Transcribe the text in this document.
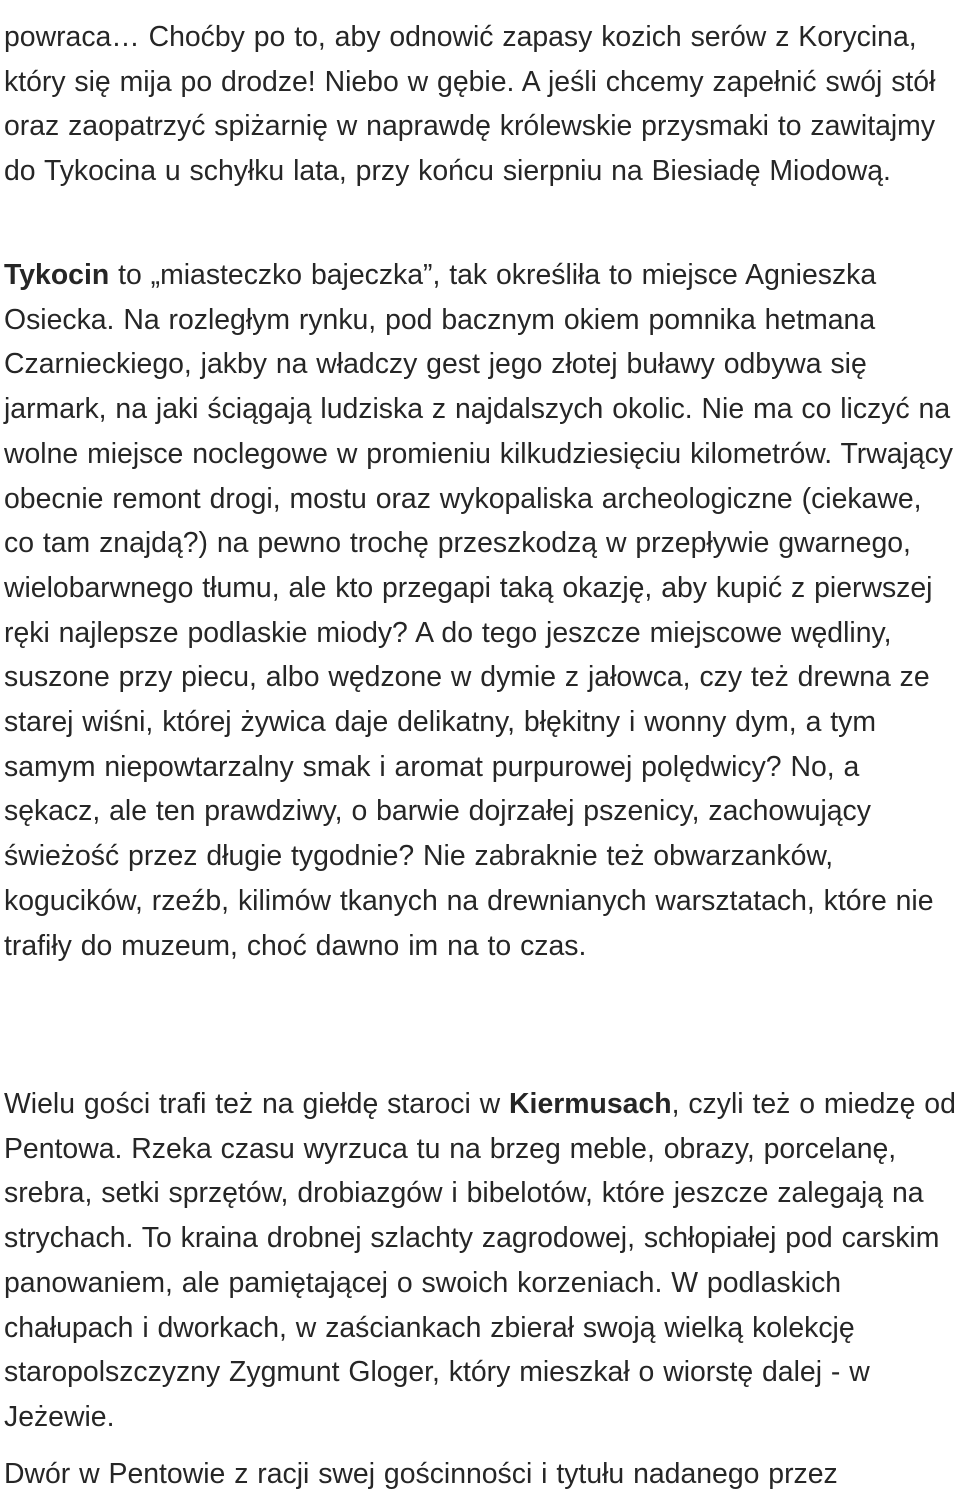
powraca… Choćby po to, aby odnowić zapasy kozich serów z Korycina, który się mija po drodze! Niebo w gębie. A jeśli chcemy zapełnić swój stół oraz zaopatrzyć spiżarnię w naprawdę królewskie przysmaki to zawitajmy do Tykocina u schyłku lata, przy końcu sierpniu na Biesiadę Miodową.

Tykocin to „miasteczko bajeczka”, tak określiła to miejsce Agnieszka Osiecka. Na rozległym rynku, pod bacznym okiem pomnika hetmana Czarnieckiego, jakby na władczy gest jego złotej buławy odbywa się jarmark, na jaki ściągają ludziska z najdalszych okolic. Nie ma co liczyć na wolne miejsce noclegowe w promieniu kilkudziesięciu kilometrów. Trwający obecnie remont drogi, mostu oraz wykopaliska archeologiczne (ciekawe, co tam znajdą?) na pewno trochę przeszkodzą w przepływie gwarnego, wielobarwnego tłumu, ale kto przegapi taką okazję, aby kupić z pierwszej ręki najlepsze podlaskie miody? A do tego jeszcze miejscowe wędliny, suszone przy piecu, albo wędzone w dymie z jałowca, czy też drewna ze starej wiśni, której żywica daje delikatny, błękitny i wonny dym, a tym samym niepowtarzalny smak i aromat purpurowej polędwicy? No, a sękacz, ale ten prawdziwy, o barwie dojrzałej pszenicy, zachowujący świeżość przez długie tygodnie? Nie zabraknie też obwarzanków, kogucików, rzeźb, kilimów tkanych na drewnianych warsztatach, które nie trafiły do muzeum, choć dawno im na to czas.

Wielu gości trafi też na giełdę staroci w Kiermusach, czyli też o miedzę od Pentowa. Rzeka czasu wyrzuca tu na brzeg meble, obrazy, porcelanę, srebra, setki sprzętów, drobiazgów i bibelotów, które jeszcze zalegają na strychach. To kraina drobnej szlachty zagrodowej, schłopiałej pod carskim panowaniem, ale pamiętającej o swoich korzeniach. W podlaskich chałupach i dworkach, w zaściankach zbierał swoją wielką kolekcję staropolszczyzny Zygmunt Gloger, który mieszkał o wiorstę dalej - w Jeżewie.

Dwór w Pentowie z racji swej gościnności i tytułu nadanego przez
